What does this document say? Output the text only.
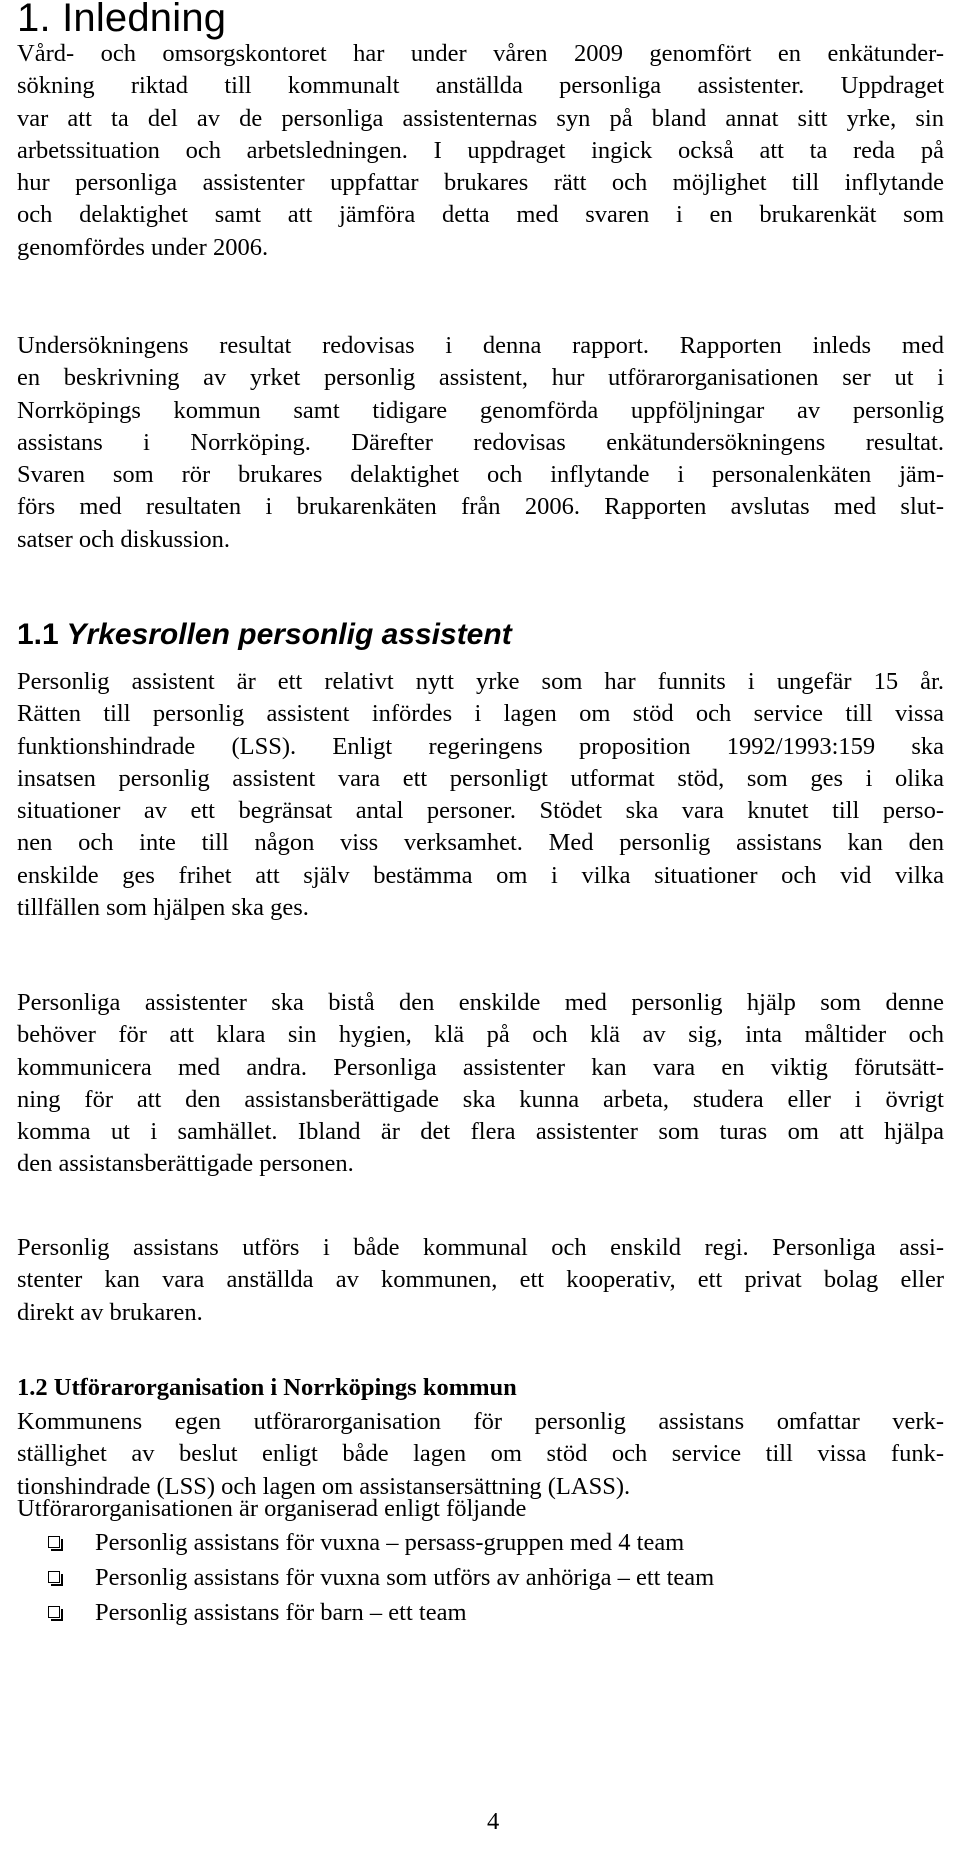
1. Inledning
Vård- och omsorgskontoret har under våren 2009 genomfört en enkätunder-
sökning riktad till kommunalt anställda personliga assistenter. Uppdraget
var att ta del av de personliga assistenternas syn på bland annat sitt yrke, sin
arbetssituation och arbetsledningen. I uppdraget ingick också att ta reda på
hur personliga assistenter uppfattar brukares rätt och möjlighet till inflytande
och delaktighet samt att jämföra detta med svaren i en brukarenkät som
genomfördes under 2006.
Undersökningens resultat redovisas i denna rapport. Rapporten inleds med
en beskrivning av yrket personlig assistent, hur utförarorganisationen ser ut i
Norrköpings kommun samt tidigare genomförda uppföljningar av personlig
assistans i Norrköping. Därefter redovisas enkätundersökningens resultat.
Svaren som rör brukares delaktighet och inflytande i personalenkäten jäm-
förs med resultaten i brukarenkäten från 2006. Rapporten avslutas med slut-
satser och diskussion.
1.1 Yrkesrollen personlig assistent
Personlig assistent är ett relativt nytt yrke som har funnits i ungefär 15 år.
Rätten till personlig assistent infördes i lagen om stöd och service till vissa
funktionshindrade (LSS). Enligt regeringens proposition 1992/1993:159 ska
insatsen personlig assistent vara ett personligt utformat stöd, som ges i olika
situationer av ett begränsat antal personer. Stödet ska vara knutet till perso-
nen och inte till någon viss verksamhet. Med personlig assistans kan den
enskilde ges frihet att själv bestämma om i vilka situationer och vid vilka
tillfällen som hjälpen ska ges.
Personliga assistenter ska bistå den enskilde med personlig hjälp som denne
behöver för att klara sin hygien, klä på och klä av sig, inta måltider och
kommunicera med andra. Personliga assistenter kan vara en viktig förutsätt-
ning för att den assistansberättigade ska kunna arbeta, studera eller i övrigt
komma ut i samhället. Ibland är det flera assistenter som turas om att hjälpa
den assistansberättigade personen.
Personlig assistans utförs i både kommunal och enskild regi. Personliga assi-
stenter kan vara anställda av kommunen, ett kooperativ, ett privat bolag eller
direkt av brukaren.
1.2 Utförarorganisation i Norrköpings kommun
Kommunens egen utförarorganisation för personlig assistans omfattar verk-
ställighet av beslut enligt både lagen om stöd och service till vissa funk-
tionshindrade (LSS) och lagen om assistansersättning (LASS).
Utförarorganisationen är organiserad enligt följande
Personlig assistans för vuxna – persass-gruppen med 4 team
Personlig assistans för vuxna som utförs av anhöriga – ett team
Personlig assistans för barn – ett team
4
